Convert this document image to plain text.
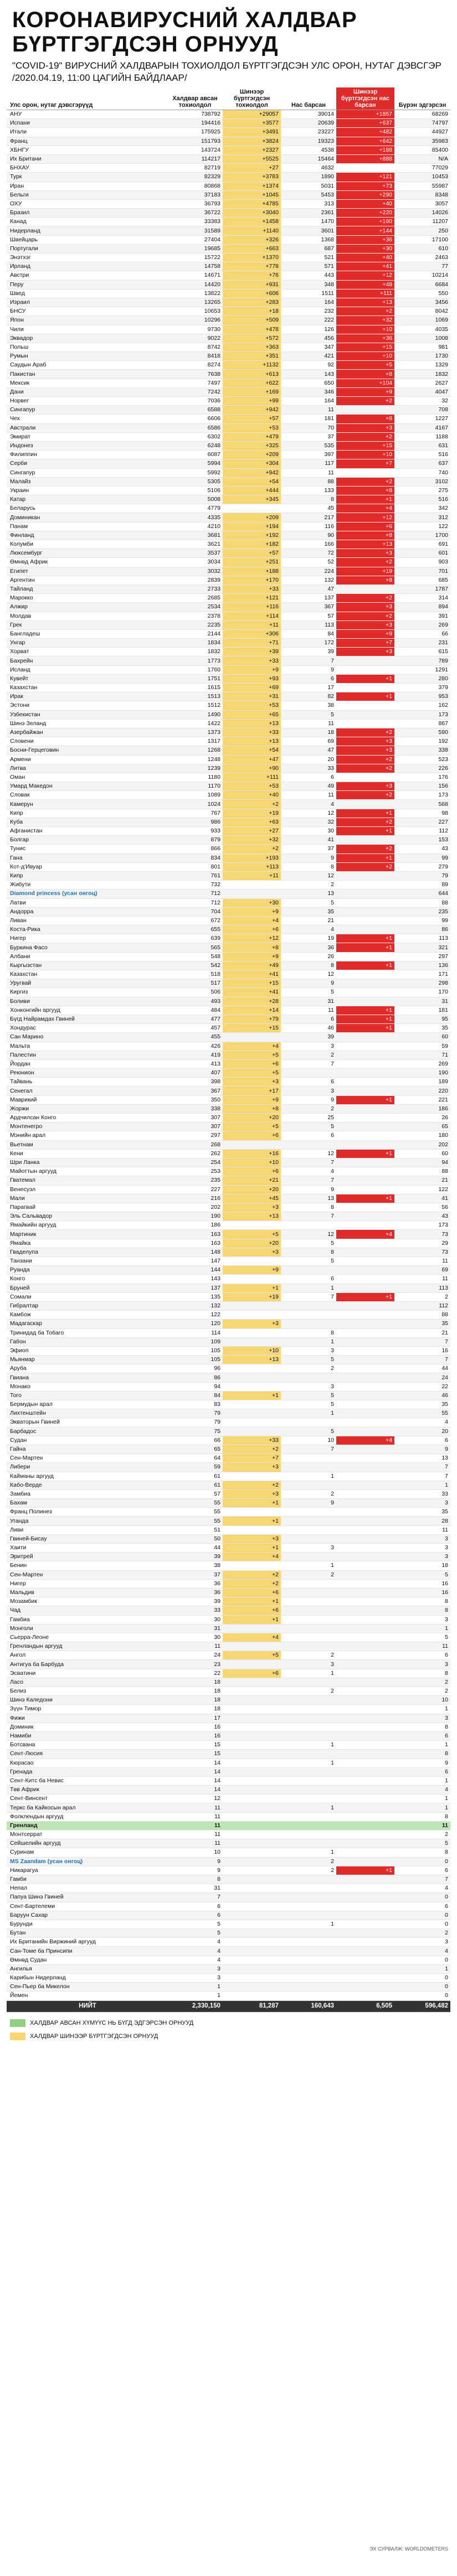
КОРОНАВИРУСНИЙ ХАЛДВАР
БҮРТГЭГДСЭН ОРНУУД
"COVID-19" ВИРУСНИЙ ХАЛДВАРЫН ТОХИОЛДОЛ БҮРТГЭГДСЭН УЛС ОРОН, НУТАГ ДЭВСГЭР /2020.04.19, 11:00 ЦАГИЙН БАЙДЛААР/
Улс орон, нутаг дэвсгэрүүд	Халдвар авсан тохиолдол	Шинээр бүртгэгдсэн тохиолдол	Нас барсан	Шинээр бүртгэгдсэн нас барсан	Бүрэн эдгэрсэн
АНУ	738792	+29057	39014	+1867	68269
Испани	194416	+3577	20639	+637	74797
Итали	175925	+3491	23227	+482	44927
Франц	151793	+3824	19323	+642	35983
ХБНГУ	143724	+2327	4538	+188	85400
Их Британи	114217	+5525	15464	+888	N/A
БНХАУ	82719	+27	4632		77029
Турк	82329	+3783	1890	+121	10453
Иран	80868	+1374	5031	+73	55987
Бельги	37183	+1045	5453	+290	8348
ОХУ	36793	+4785	313	+40	3057
Бразил	36722	+3040	2361	+220	14026
Канад	33383	+1458	1470	+160	11207
Нидерланд	31589	+1140	3601	+144	250
Швейцарь	27404	+326	1368	+36	17100
Португали	19685	+663	687	+30	610
Энэтхэг	15722	+1370	521	+40	2463
Ирланд	14758	+778	571	+41	77
Австри	14671	+76	443	+12	10214
Перу	14420	+931	348	+48	6684
Швед	13822	+606	1511	+111	550
Израил	13265	+283	164	+13	3456
БНСУ	10653	+18	232	+2	8042
Япон	10296	+509	222	+32	1069
Чили	9730	+478	126	+10	4035
Эквадор	9022	+572	456	+36	1008
Польш	8742	+363	347	+15	981
Румын	8418	+351	421	+10	1730
Саудын Араб	8274	+1132	92	+5	1329
Пакистан	7638	+613	143	+8	1832
Мексик	7497	+622	650	+104	2627
Дани	7242	+169	346	+9	4047
Норвег	7036	+99	164	+2	32
Сингапур	6588	+942	11		708
Чех	6606	+57	181	+8	1227
Австрали	6586	+53	70	+3	4167
Эмират	6302	+479	37	+2	1188
Индонез	6248	+325	535	+15	631
Филиппин	6087	+209	397	+10	516
Серби	5994	+304	117	+7	637
Сингапур	5992	+942	11		740
Малайз	5305	+54	88	+2	3102
Украин	5106	+444	133	+8	275
Катар	5008	+345	8	+1	516
Беларусь	4779		45	+4	342
Доминикан	4335	+209	217	+12	312
Панам	4210	+194	116	+6	122
Финланд	3681	+192	90	+8	1700
Колумби	3621	+182	166	+13	691
Люксембург	3537	+57	72	+3	601
Өмнөд Африк	3034	+251	52	+2	903
Египет	3032	+188	224	+19	701
Аргентин	2839	+170	132	+8	685
Тайланд	2733	+33	47		1787
Марокко	2685	+121	137	+2	314
Алжир	2534	+116	367	+3	894
Молдав	2378	+114	57	+2	391
Грек	2235	+11	113	+3	269
Бангладеш	2144	+306	84	+9	66
Унгар	1834	+71	172	+7	231
Хорват	1832	+39	39	+3	615
Бахрейн	1773	+33	7		789
Исланд	1760	+9	9		1291
Кувейт	1751	+93	6	+1	280
Казахстан	1615	+69	17		379
Ирак	1513	+31	82	+1	953
Эстони	1512	+53	38		162
Узбекистан	1490	+65	5		173
Шинэ Зеланд	1422	+13	11		867
Азербайжан	1373	+33	18	+2	590
Словени	1317	+13	69	+3	192
Босни-Герцеговин	1268	+54	47	+3	338
Армени	1248	+47	20	+2	523
Литва	1239	+90	33	+2	226
Оман	1180	+111	6		176
Умард Македон	1170	+53	49	+3	156
Словак	1089	+40	11	+2	173
Камерун	1024	+2	4		568
Кипр	767	+19	12	+1	98
Куба	986	+63	32	+2	227
Афганистан	933	+27	30	+1	112
Болгар	879	+32	41		153
Тунис	866	+2	37	+2	43
Гана	834	+193	9	+1	99
Кот-д'Ивуар	801	+113	8	+2	279
Кипр	761	+11	12		79
Жибути	732		2		89
Diamond princess (усан онгоц)	712		13		644
Латви	712	+30	5		88
Андорра	704	+9	35		235
Ливан	672	+4	21		99
Коста-Рика	655	+6	4		86
Нигер	639	+12	19	+1	113
Буркина Фасо	565	+8	36	+1	321
Албани	548	+9	26		297
Кыргызстан	542	+49	8	+1	136
Казахстан	518	+41	12		171
Уругвай	517	+15	9		298
Киргиз	506	+41	5		170
Боливи	493	+28	31		31
Хонконгийн аргууд	484	+14	11	+1	181
Бүгд Найрамдах Гвиней	477	+79	6	+1	95
Хондурас	457	+15	46	+1	35
Сан Марино	455		39		60
Мальта	426	+4	3		59
Палестин	419	+5	2		71
Йордан	413	+6	7		269
Реюнион	407	+5			190
Тайвань	398	+3	6		189
Сенегал	367	+17	3		220
Маврикий	350	+9	9	+1	221
Жоржи	338	+8	2		186
Ардчилсан Конго	307	+20	25		26
Монтенегро	307	+5	5		65
Мэнийн арал	297	+6	6		180
Вьетнам	268				202
Кени	262	+16	12	+1	60
Шри Ланка	254	+10	7		94
Майоттын аргууд	253	+6	4		88
Гватемал	235	+21	7		21
Венесуэл	227	+20	9		122
Мали	216	+45	13	+1	41
Парагвай	202	+3	8		56
Эль Сальвадор	190	+13	7		43
Ямайкийн аргууд	186				173
Мартиник	163	+5	12	+4	73
Ямайка	163	+20	5		29
Гваделупа	148	+3	8		73
Танзани	147		5		11
Руанда	144	+9			69
Конго	143		6		11
Бруней	137	+1	1		113
Сомали	135	+19	7	+1	2
Гибралтар	132				112
Камбож	122				88
Мадагаскар	120	+3			35
Тринидад ба Тобаго	114		8		21
Габон	109		1		7
Эфиоп	105	+10	3		16
Мьянмар	105	+13	5		7
Аруба	96		2		44
Гвиана	86				24
Монако	94		3		22
Того	84	+1	5		46
Бермудын арал	83		5		35
Лихтенштейн	79		1		55
Экваторын Гвиней	79				4
Барбадос	75		5		20
Судан	66	+33	10	+4	6
Гайна	65	+2	7		9
Сен-Мартен	64	+7			13
Либери	59	+3			7
Кайманы аргууд	61		1		7
Кабо-Верде	61	+2			1
Замбиа	57	+3	2		33
Бахам	55	+1	9		3
Франц Полинез	55				35
Уганда	55	+1			28
Ливи	51				11
Гвиней-Бисау	50	+3			3
Хаити	44	+1	3		3
Эритрей	39	+4			3
Бенин	38		1		18
Сен-Мартен	37	+2	2		5
Нигер	36	+2			16
Мальдив	36	+6			16
Мозамбик	39	+1			8
Чад	33	+6			8
Гамбиа	30	+1			3
Монголи	31				1
Сьерра-Леоне	30	+4			5
Гренландын аргууд	11				11
Ангол	24	+5	2		6
Антигуа ба Барбуда	23		3		3
Эсватини	22	+6	1		8
Ласо	18				2
Белиз	18		2		2
Шинэ Каледони	18				10
Зүүн Тимор	18				1
Фижи	17				3
Доминик	16				8
Намиби	16				6
Ботсвана	15		1		1
Сент-Люсия	15				8
Кюрасао	14		1		9
Гренада	14				6
Сент-Китс ба Невис	14				1
Төв Африк	14				4
Сент-Винсент	12				1
Теркс ба Кайкосын арал	11		1		1
Фолклендын аргууд	11				8
Гренланд	11				11
Монтсеррат	11				2
Сейшелийн аргууд	11				5
Суринам	10		1		8
MS Zaandam (усан онгоц)	9		2		0
Никарагуа	9		2	+1	6
Гамби	8				7
Непал	31				4
Папуа Шинэ Гвиней	7				0
Сент-Бартелеми	6				6
Баруун Сахар	6				0
Бурунди	5		1		0
Бутан	5				2
Их Британийн Виржиний аргууд	4				3
Сан-Томе ба Принсипи	4				4
Өмнөд Судан	4				0
Ангилья	3				1
Карибын Нидерланд	3				0
Сен-Пьер ба Микелон	1				0
Йемен	1				0
НИЙТ	2,330,150	81,287	160,643	6,505	596,482
ХАЛДВАР АВСАН ХҮМҮҮС НЬ БҮГД ЭДГЭРСЭН ОРНУУД
ХАЛДВАР ШИНЭЭР БҮРТГЭГДСЭН ОРНУУД
ЭХ СУРВАЛЖ: WORLDOMETERS
